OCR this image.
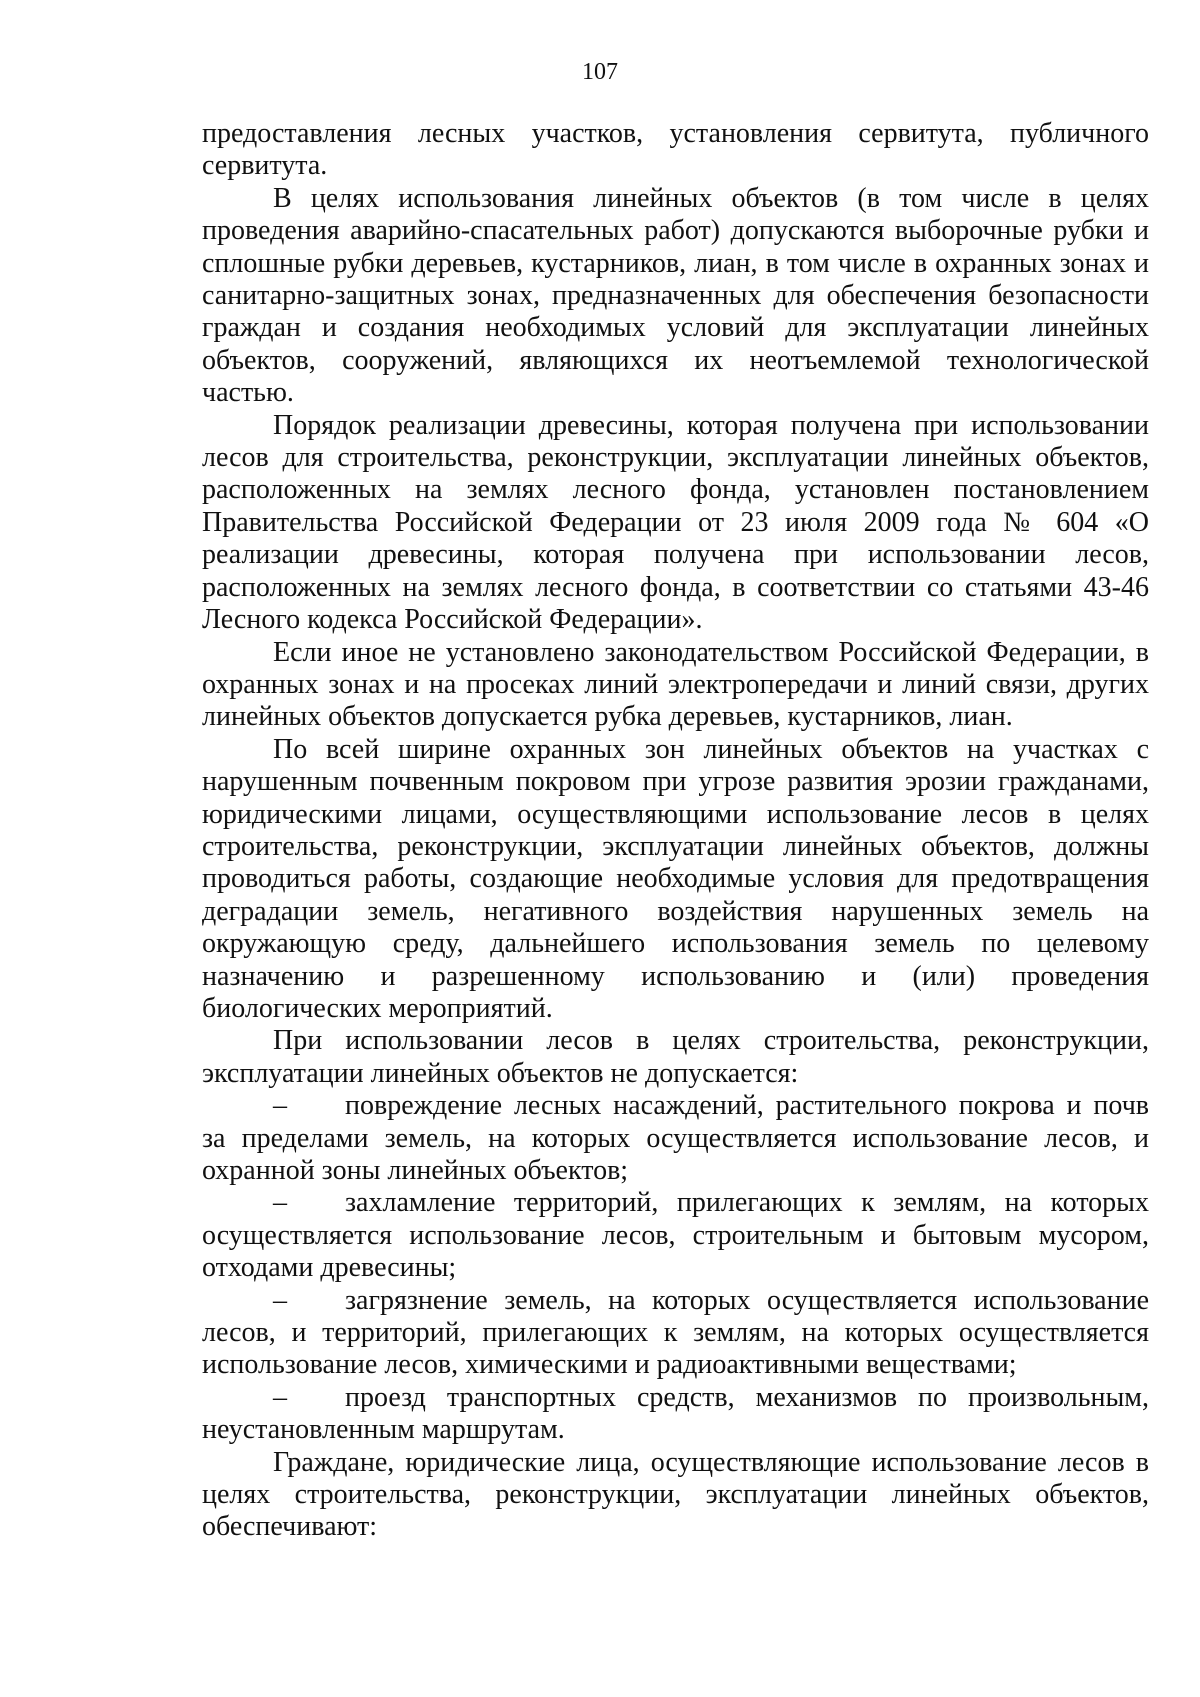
107

предоставления лесных участков, установления сервитута, публичного сервитута.

В целях использования линейных объектов (в том числе в целях проведения аварийно-спасательных работ) допускаются выборочные рубки и сплошные рубки деревьев, кустарников, лиан, в том числе в охранных зонах и санитарно-защитных зонах, предназначенных для обеспечения безопасности граждан и создания необходимых условий для эксплуатации линейных объектов, сооружений, являющихся их неотъемлемой технологической частью.

Порядок реализации древесины, которая получена при использовании лесов для строительства, реконструкции, эксплуатации линейных объектов, расположенных на землях лесного фонда, установлен постановлением Правительства Российской Федерации от 23 июля 2009 года № 604 «О реализации древесины, которая получена при использовании лесов, расположенных на землях лесного фонда, в соответствии со статьями 43-46 Лесного кодекса Российской Федерации».

Если иное не установлено законодательством Российской Федерации, в охранных зонах и на просеках линий электропередачи и линий связи, других линейных объектов допускается рубка деревьев, кустарников, лиан.

По всей ширине охранных зон линейных объектов на участках с нарушенным почвенным покровом при угрозе развития эрозии гражданами, юридическими лицами, осуществляющими использование лесов в целях строительства, реконструкции, эксплуатации линейных объектов, должны проводиться работы, создающие необходимые условия для предотвращения деградации земель, негативного воздействия нарушенных земель на окружающую среду, дальнейшего использования земель по целевому назначению и разрешенному использованию и (или) проведения биологических мероприятий.

При использовании лесов в целях строительства, реконструкции, эксплуатации линейных объектов не допускается:

– повреждение лесных насаждений, растительного покрова и почв за пределами земель, на которых осуществляется использование лесов, и охранной зоны линейных объектов;

– захламление территорий, прилегающих к землям, на которых осуществляется использование лесов, строительным и бытовым мусором, отходами древесины;

– загрязнение земель, на которых осуществляется использование лесов, и территорий, прилегающих к землям, на которых осуществляется использование лесов, химическими и радиоактивными веществами;

– проезд транспортных средств, механизмов по произвольным, неустановленным маршрутам.

Граждане, юридические лица, осуществляющие использование лесов в целях строительства, реконструкции, эксплуатации линейных объектов, обеспечивают:
